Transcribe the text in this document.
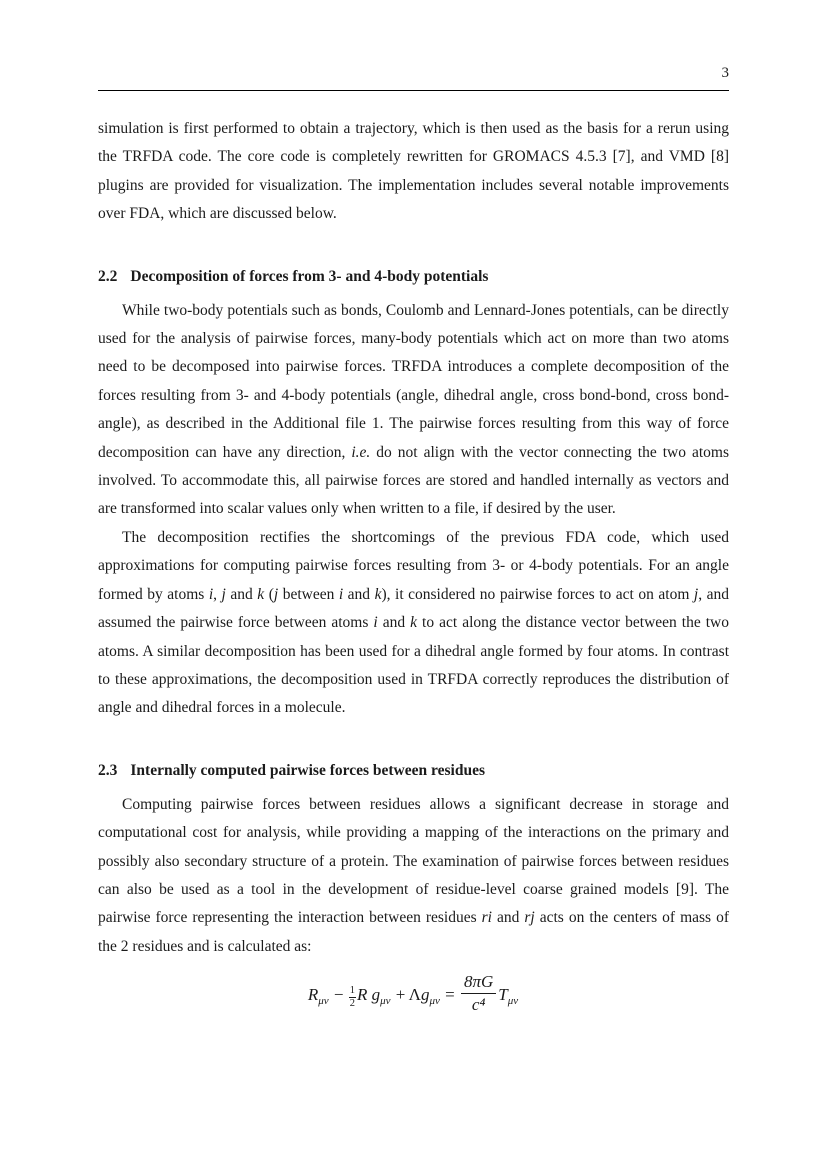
3

simulation is first performed to obtain a trajectory, which is then used as the basis for a rerun using the TRFDA code. The core code is completely rewritten for GROMACS 4.5.3 [7], and VMD [8] plugins are provided for visualization. The implementation includes several notable improvements over FDA, which are discussed below.

2.2 Decomposition of forces from 3- and 4-body potentials

While two-body potentials such as bonds, Coulomb and Lennard-Jones potentials, can be directly used for the analysis of pairwise forces, many-body potentials which act on more than two atoms need to be decomposed into pairwise forces. TRFDA introduces a complete decomposition of the forces resulting from 3- and 4-body potentials (angle, dihedral angle, cross bond-bond, cross bond-angle), as described in the Additional file 1. The pairwise forces resulting from this way of force decomposition can have any direction, i.e. do not align with the vector connecting the two atoms involved. To accommodate this, all pairwise forces are stored and handled internally as vectors and are transformed into scalar values only when written to a file, if desired by the user.

The decomposition rectifies the shortcomings of the previous FDA code, which used approximations for computing pairwise forces resulting from 3- or 4-body potentials. For an angle formed by atoms i, j and k (j between i and k), it considered no pairwise forces to act on atom j, and assumed the pairwise force between atoms i and k to act along the distance vector between the two atoms. A similar decomposition has been used for a dihedral angle formed by four atoms. In contrast to these approximations, the decomposition used in TRFDA correctly reproduces the distribution of angle and dihedral forces in a molecule.

2.3 Internally computed pairwise forces between residues

Computing pairwise forces between residues allows a significant decrease in storage and computational cost for analysis, while providing a mapping of the interactions on the primary and possibly also secondary structure of a protein. The examination of pairwise forces between residues can also be used as a tool in the development of residue-level coarse grained models [9]. The pairwise force representing the interaction between residues ri and rj acts on the centers of mass of the 2 residues and is calculated as:

$R_{\mu\nu} - \frac{1}{2}$ R $g_{\mu\nu} + \Lambda g_{\mu\nu} = \frac{8\pi G}{\text{c⁴}} T_{\mu\nu}$
